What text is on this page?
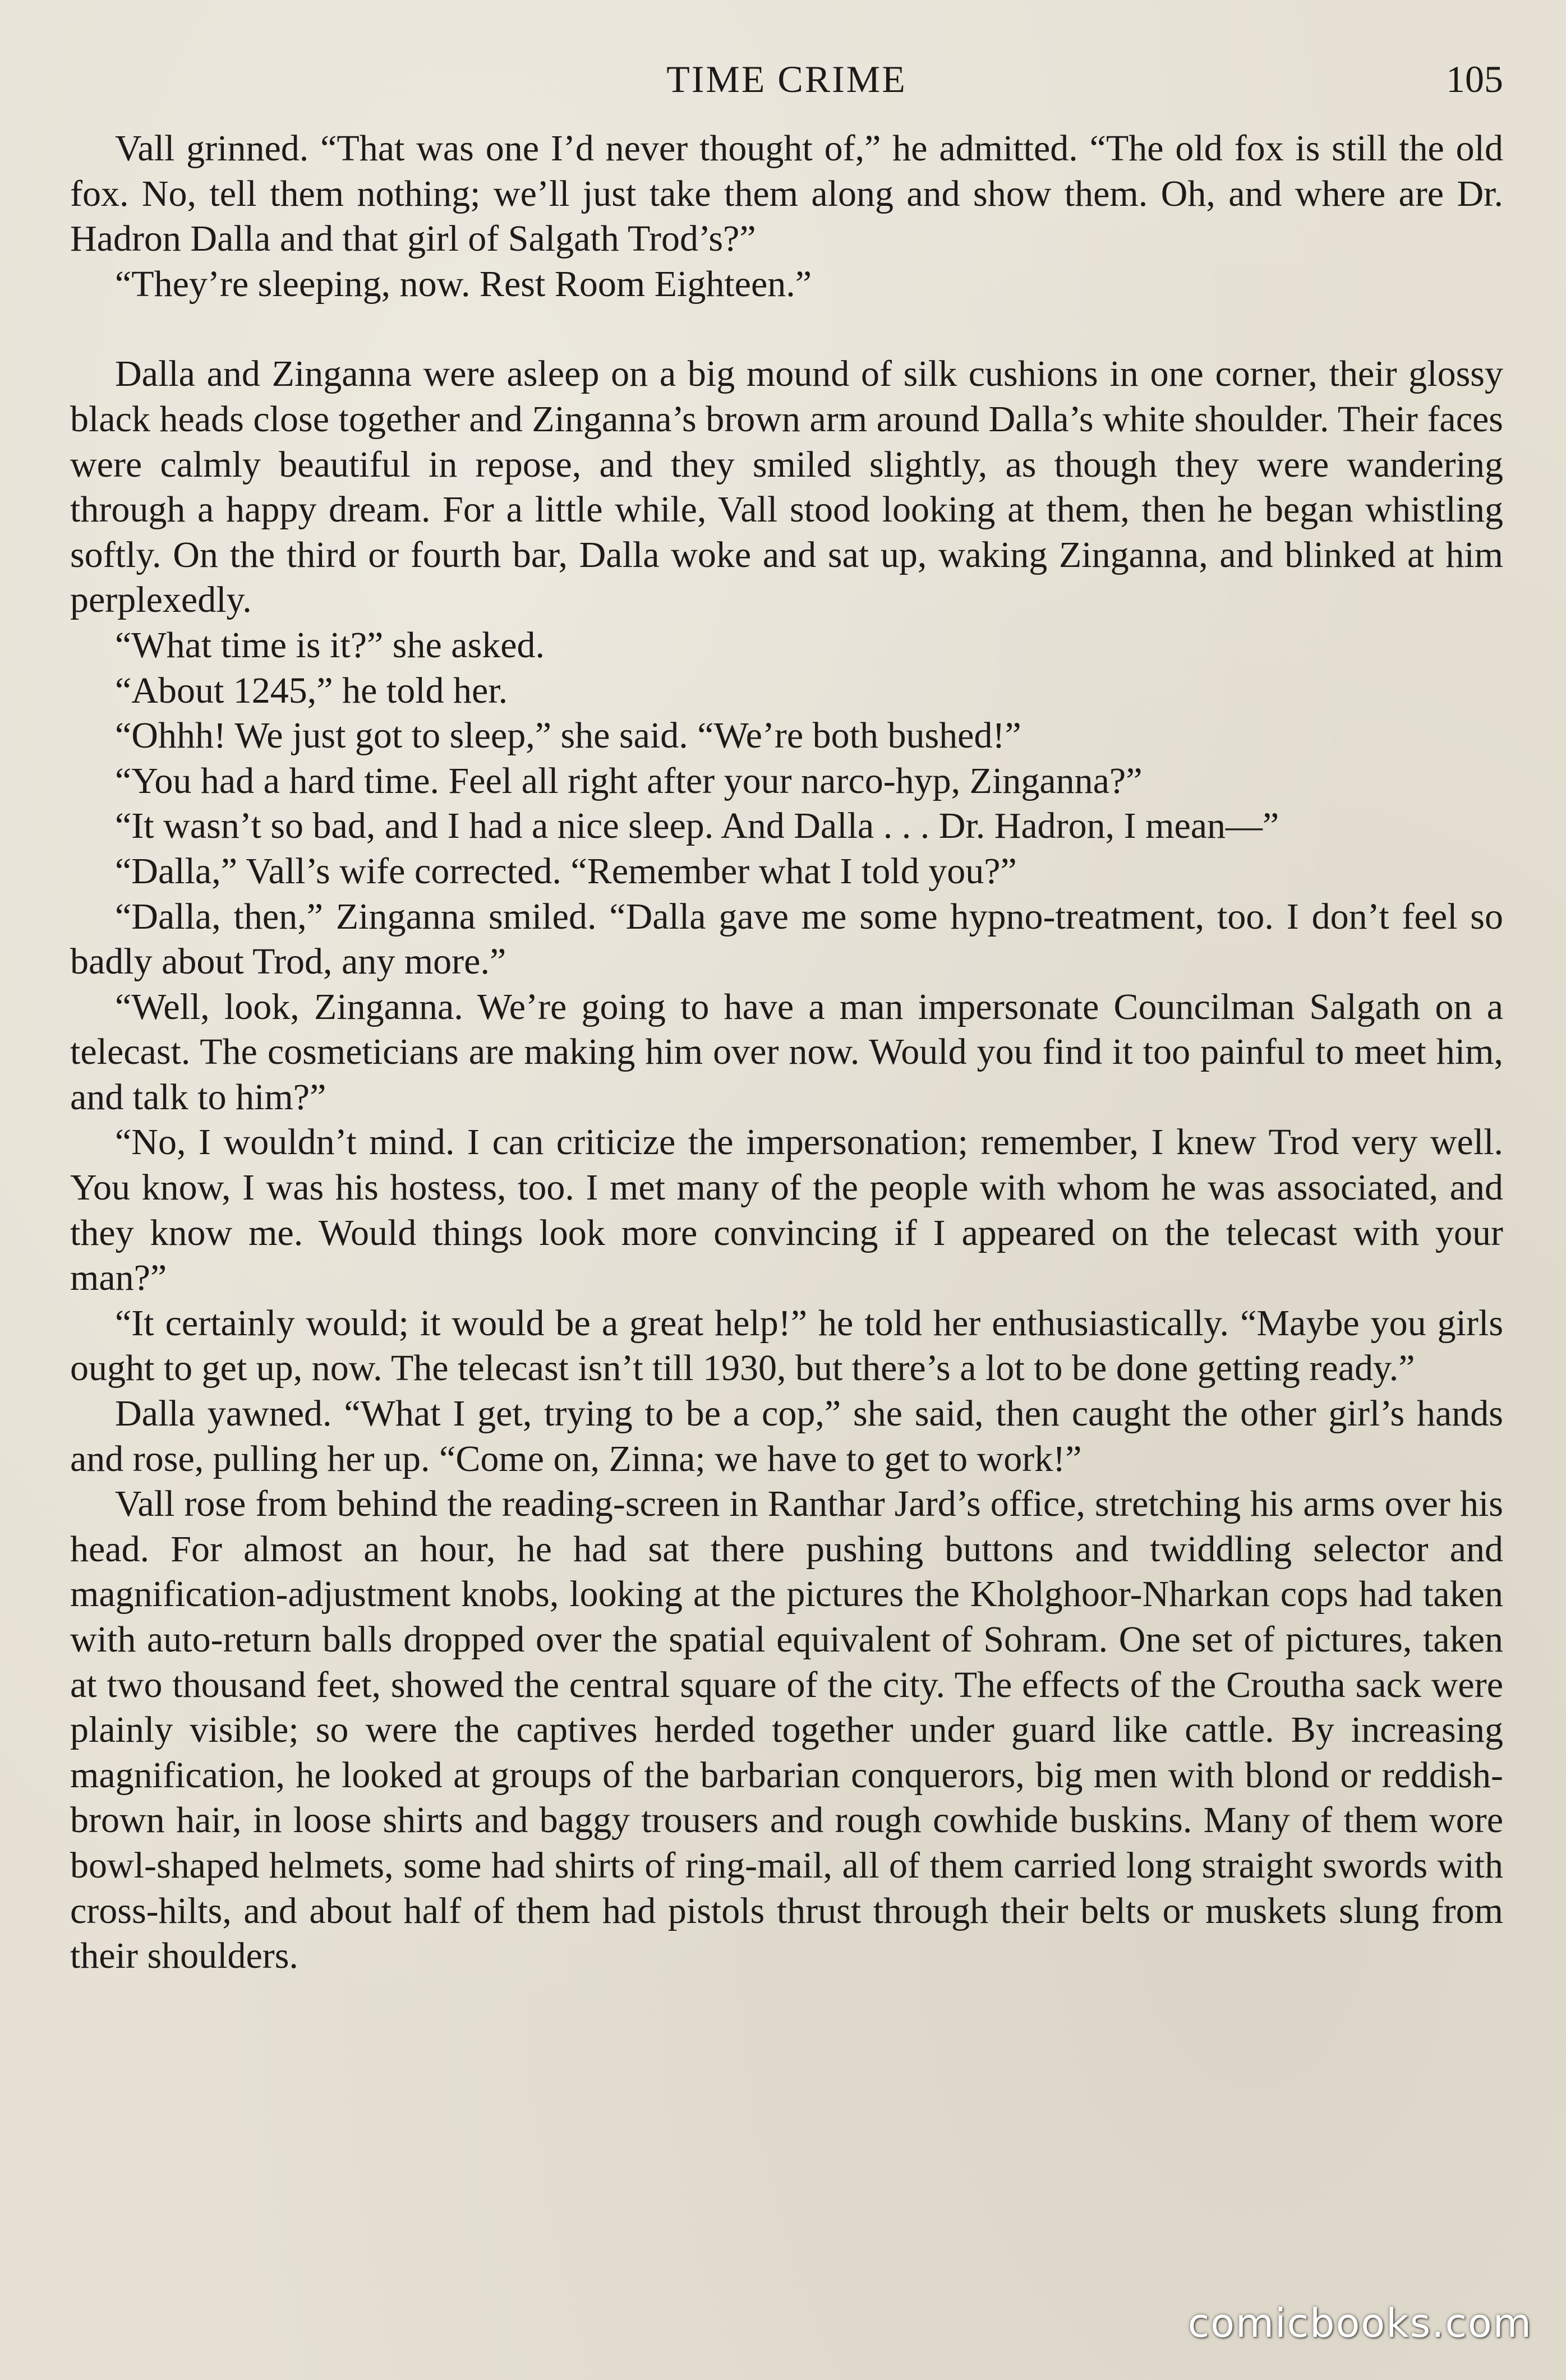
TIME CRIME	105

Vall grinned. “That was one I’d never thought of,” he admitted. “The old fox is still the old fox. No, tell them nothing; we’ll just take them along and show them. Oh, and where are Dr. Hadron Dalla and that girl of Salgath Trod’s?”

“They’re sleeping, now. Rest Room Eighteen.”

Dalla and Zinganna were asleep on a big mound of silk cushions in one corner, their glossy black heads close together and Zinganna’s brown arm around Dalla’s white shoulder. Their faces were calmly beautiful in repose, and they smiled slightly, as though they were wandering through a happy dream. For a little while, Vall stood looking at them, then he began whistling softly. On the third or fourth bar, Dalla woke and sat up, waking Zinganna, and blinked at him perplexedly.

“What time is it?” she asked.

“About 1245,” he told her.

“Ohhh! We just got to sleep,” she said. “We’re both bushed!”

“You had a hard time. Feel all right after your narco-hyp, Zinganna?”

“It wasn’t so bad, and I had a nice sleep. And Dalla . . . Dr. Hadron, I mean—”

“Dalla,” Vall’s wife corrected. “Remember what I told you?”

“Dalla, then,” Zinganna smiled. “Dalla gave me some hypno-treatment, too. I don’t feel so badly about Trod, any more.”

“Well, look, Zinganna. We’re going to have a man impersonate Councilman Salgath on a telecast. The cosmeticians are making him over now. Would you find it too painful to meet him, and talk to him?”

“No, I wouldn’t mind. I can criticize the impersonation; remember, I knew Trod very well. You know, I was his hostess, too. I met many of the people with whom he was associated, and they know me. Would things look more convincing if I appeared on the telecast with your man?”

“It certainly would; it would be a great help!” he told her enthusiastically. “Maybe you girls ought to get up, now. The telecast isn’t till 1930, but there’s a lot to be done getting ready.”

Dalla yawned. “What I get, trying to be a cop,” she said, then caught the other girl’s hands and rose, pulling her up. “Come on, Zinna; we have to get to work!”

Vall rose from behind the reading-screen in Ranthar Jard’s office, stretching his arms over his head. For almost an hour, he had sat there pushing buttons and twiddling selector and magnification-adjustment knobs, looking at the pictures the Kholghoor-Nharkan cops had taken with auto-return balls dropped over the spatial equivalent of Sohram. One set of pictures, taken at two thousand feet, showed the central square of the city. The effects of the Croutha sack were plainly visible; so were the captives herded together under guard like cattle. By increasing magnification, he looked at groups of the barbarian conquerors, big men with blond or reddish-brown hair, in loose shirts and baggy trousers and rough cowhide buskins. Many of them wore bowl-shaped helmets, some had shirts of ring-mail, all of them carried long straight swords with cross-hilts, and about half of them had pistols thrust through their belts or muskets slung from their shoulders.

comicbooks.com
